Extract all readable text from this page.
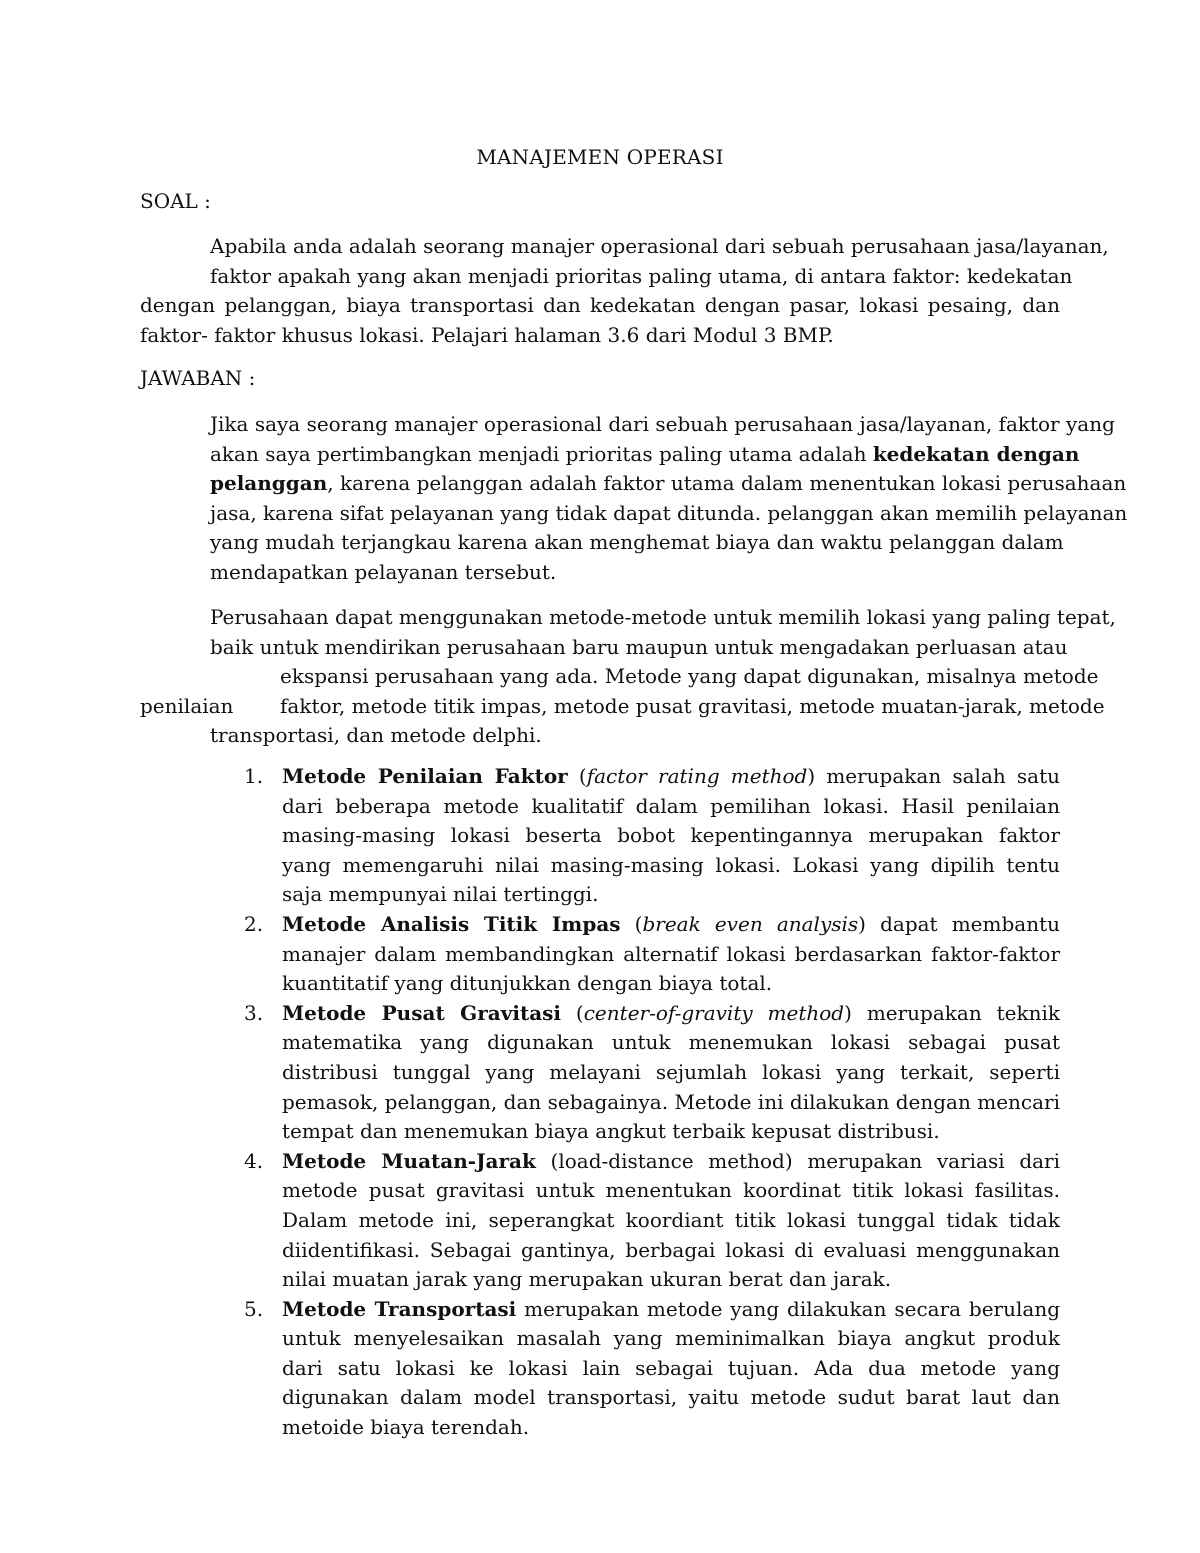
MANAJEMEN OPERASI
SOAL :
Apabila anda adalah seorang manajer operasional dari sebuah perusahaan jasa/layanan,
faktor apakah yang akan menjadi prioritas paling utama, di antara faktor: kedekatan
dengan pelanggan, biaya transportasi dan kedekatan dengan pasar, lokasi pesaing, dan
faktor- faktor khusus lokasi. Pelajari halaman 3.6 dari Modul 3 BMP.
JAWABAN :
Jika saya seorang manajer operasional dari sebuah perusahaan jasa/layanan, faktor yang
akan saya pertimbangkan menjadi prioritas paling utama adalah kedekatan dengan
pelanggan, karena pelanggan adalah faktor utama dalam menentukan lokasi perusahaan
jasa, karena sifat pelayanan yang tidak dapat ditunda. pelanggan akan memilih pelayanan
yang mudah terjangkau karena akan menghemat biaya dan waktu pelanggan dalam
mendapatkan pelayanan tersebut.
Perusahaan dapat menggunakan metode-metode untuk memilih lokasi yang paling tepat,
baik untuk mendirikan perusahaan baru maupun untuk mengadakan perluasan atau
ekspansi perusahaan yang ada. Metode yang dapat digunakan, misalnya metode
penilaian faktor, metode titik impas, metode pusat gravitasi, metode muatan-jarak, metode
transportasi, dan metode delphi.
1. Metode Penilaian Faktor (factor rating method) merupakan salah satu dari beberapa metode kualitatif dalam pemilihan lokasi. Hasil penilaian masing-masing lokasi beserta bobot kepentingannya merupakan faktor yang memengaruhi nilai masing-masing lokasi. Lokasi yang dipilih tentu saja mempunyai nilai tertinggi.
2. Metode Analisis Titik Impas (break even analysis) dapat membantu manajer dalam membandingkan alternatif lokasi berdasarkan faktor-faktor kuantitatif yang ditunjukkan dengan biaya total.
3. Metode Pusat Gravitasi (center-of-gravity method) merupakan teknik matematika yang digunakan untuk menemukan lokasi sebagai pusat distribusi tunggal yang melayani sejumlah lokasi yang terkait, seperti pemasok, pelanggan, dan sebagainya. Metode ini dilakukan dengan mencari tempat dan menemukan biaya angkut terbaik kepusat distribusi.
4. Metode Muatan-Jarak (load-distance method) merupakan variasi dari metode pusat gravitasi untuk menentukan koordinat titik lokasi fasilitas. Dalam metode ini, seperangkat koordiant titik lokasi tunggal tidak tidak diidentifikasi. Sebagai gantinya, berbagai lokasi di evaluasi menggunakan nilai muatan jarak yang merupakan ukuran berat dan jarak.
5. Metode Transportasi merupakan metode yang dilakukan secara berulang untuk menyelesaikan masalah yang meminimalkan biaya angkut produk dari satu lokasi ke lokasi lain sebagai tujuan. Ada dua metode yang digunakan dalam model transportasi, yaitu metode sudut barat laut dan metoide biaya terendah.
